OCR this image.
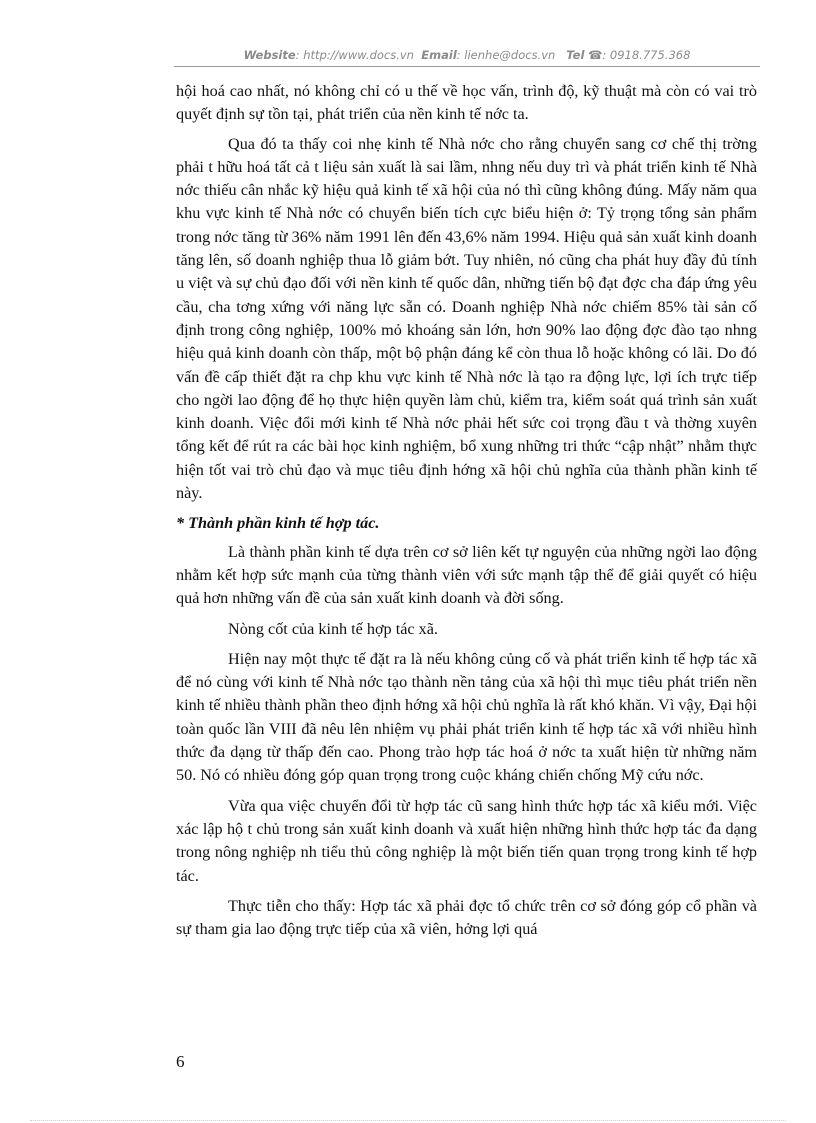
Website: http://www.docs.vn Email: lienhe@docs.vn Tel ☎: 0918.775.368

hội hoá cao nhất, nó không chỉ có u thế về học vấn, trình độ, kỹ thuật mà còn có vai trò quyết định sự tồn tại, phát triển của nền kinh tế nớc ta.

Qua đó ta thấy coi nhẹ kinh tế Nhà nớc cho rằng chuyển sang cơ chế thị trờng phải t hữu hoá tất cả t liệu sản xuất là sai lầm, nhng nếu duy trì và phát triển kinh tế Nhà nớc thiếu cân nhắc kỹ hiệu quả kinh tế xã hội của nó thì cũng không đúng. Mấy năm qua khu vực kinh tế Nhà nớc có chuyển biến tích cực biểu hiện ở: Tỷ trọng tổng sản phẩm trong nớc tăng từ 36% năm 1991 lên đến 43,6% năm 1994. Hiệu quả sản xuất kinh doanh tăng lên, số doanh nghiệp thua lỗ giảm bớt. Tuy nhiên, nó cũng cha phát huy đầy đủ tính u việt và sự chủ đạo đối với nền kinh tế quốc dân, những tiến bộ đạt đợc cha đáp ứng yêu cầu, cha tơng xứng với năng lực sẵn có. Doanh nghiệp Nhà nớc chiếm 85% tài sản cố định trong công nghiệp, 100% mỏ khoáng sản lớn, hơn 90% lao động đợc đào tạo nhng hiệu quả kinh doanh còn thấp, một bộ phận đáng kể còn thua lỗ hoặc không có lãi. Do đó vấn đề cấp thiết đặt ra chp khu vực kinh tế Nhà nớc là tạo ra động lực, lợi ích trực tiếp cho ngời lao động để họ thực hiện quyền làm chủ, kiểm tra, kiểm soát quá trình sản xuất kinh doanh. Việc đổi mới kinh tế Nhà nớc phải hết sức coi trọng đầu t và thờng xuyên tổng kết để rút ra các bài học kinh nghiệm, bổ xung những tri thức “cập nhật” nhằm thực hiện tốt vai trò chủ đạo và mục tiêu định hớng xã hội chủ nghĩa của thành phần kinh tế này.

* Thành phần kinh tế hợp tác.

Là thành phần kinh tế dựa trên cơ sở liên kết tự nguyện của những ngời lao động nhằm kết hợp sức mạnh của từng thành viên với sức mạnh tập thể để giải quyết có hiệu quả hơn những vấn đề của sản xuất kinh doanh và đời sống.

Nòng cốt của kinh tế hợp tác xã.

Hiện nay một thực tế đặt ra là nếu không củng cố và phát triển kinh tế hợp tác xã để nó cùng với kinh tế Nhà nớc tạo thành nền tảng của xã hội thì mục tiêu phát triển nền kinh tế nhiều thành phần theo định hớng xã hội chủ nghĩa là rất khó khăn. Vì vậy, Đại hội toàn quốc lần VIII đã nêu lên nhiệm vụ phải phát triển kinh tế hợp tác xã với nhiều hình thức đa dạng từ thấp đến cao. Phong trào hợp tác hoá ở nớc ta xuất hiện từ những năm 50. Nó có nhiều đóng góp quan trọng trong cuộc kháng chiến chống Mỹ cứu nớc.

Vừa qua việc chuyển đổi từ hợp tác cũ sang hình thức hợp tác xã kiểu mới. Việc xác lập hộ t chủ trong sản xuất kinh doanh và xuất hiện những hình thức hợp tác đa dạng trong nông nghiệp nh tiểu thủ công nghiệp là một biến tiến quan trọng trong kinh tế hợp tác.

Thực tiễn cho thấy: Hợp tác xã phải đợc tổ chức trên cơ sở đóng góp cổ phần và sự tham gia lao động trực tiếp của xã viên, hởng lợi quá

6
